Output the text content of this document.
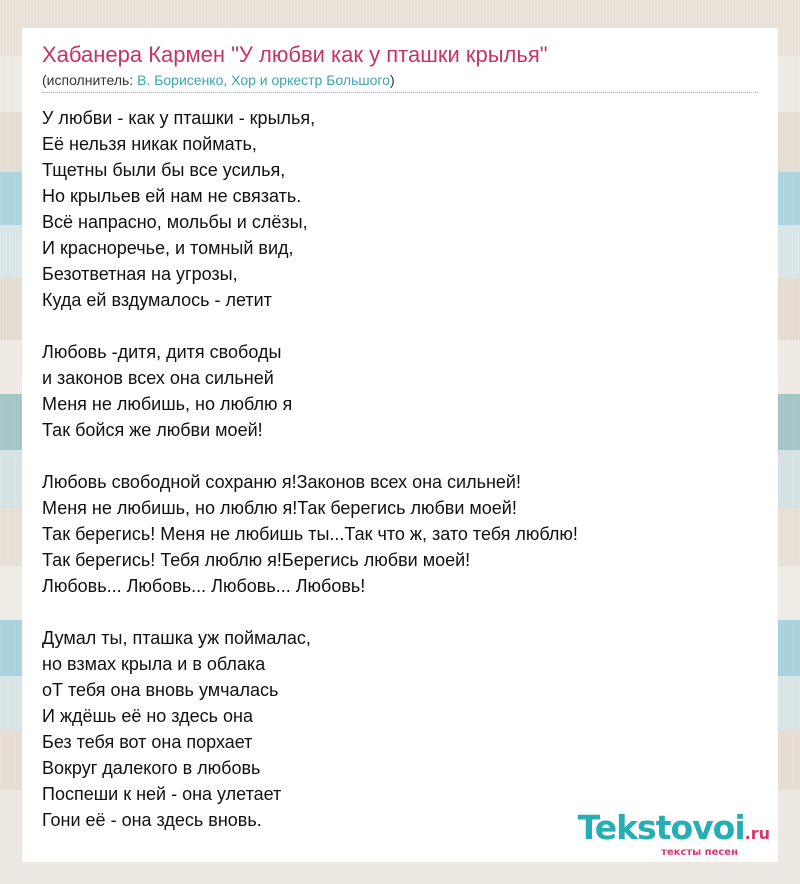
Хабанера Кармен "У любви как у пташки крылья"
(исполнитель: В. Борисенко, Хор и оркестр Большого)
У любви - как у пташки - крылья,
Её нельзя никак поймать,
Тщетны были бы все усилья,
Но крыльев ей нам не связать.
Всё напрасно, мольбы и слёзы,
И красноречье, и томный вид,
Безответная на угрозы,
Куда ей вздумалось - летит
Любовь -дитя, дитя свободы
и законов всех она сильней
Меня не любишь, но люблю я
Так бойся же любви моей!
Любовь свободной сохраню я!Законов всех она сильней!
Меня не любишь, но люблю я!Так берегись любви моей!
Так берегись! Меня не любишь ты...Так что ж, зато тебя люблю!
Так берегись! Тебя люблю я!Берегись любви моей!
Любовь... Любовь... Любовь... Любовь!
Думал ты, пташка уж поймалас,
но взмах крыла и в облака
оТ тебя она вновь умчалась
И ждёшь её но здесь она
Без тебя вот она порхает
Вокруг далекого в любовь
Поспеши к ней - она улетает
Гони её - она здесь вновь.	Tekstovoi.ru
тексты песен
